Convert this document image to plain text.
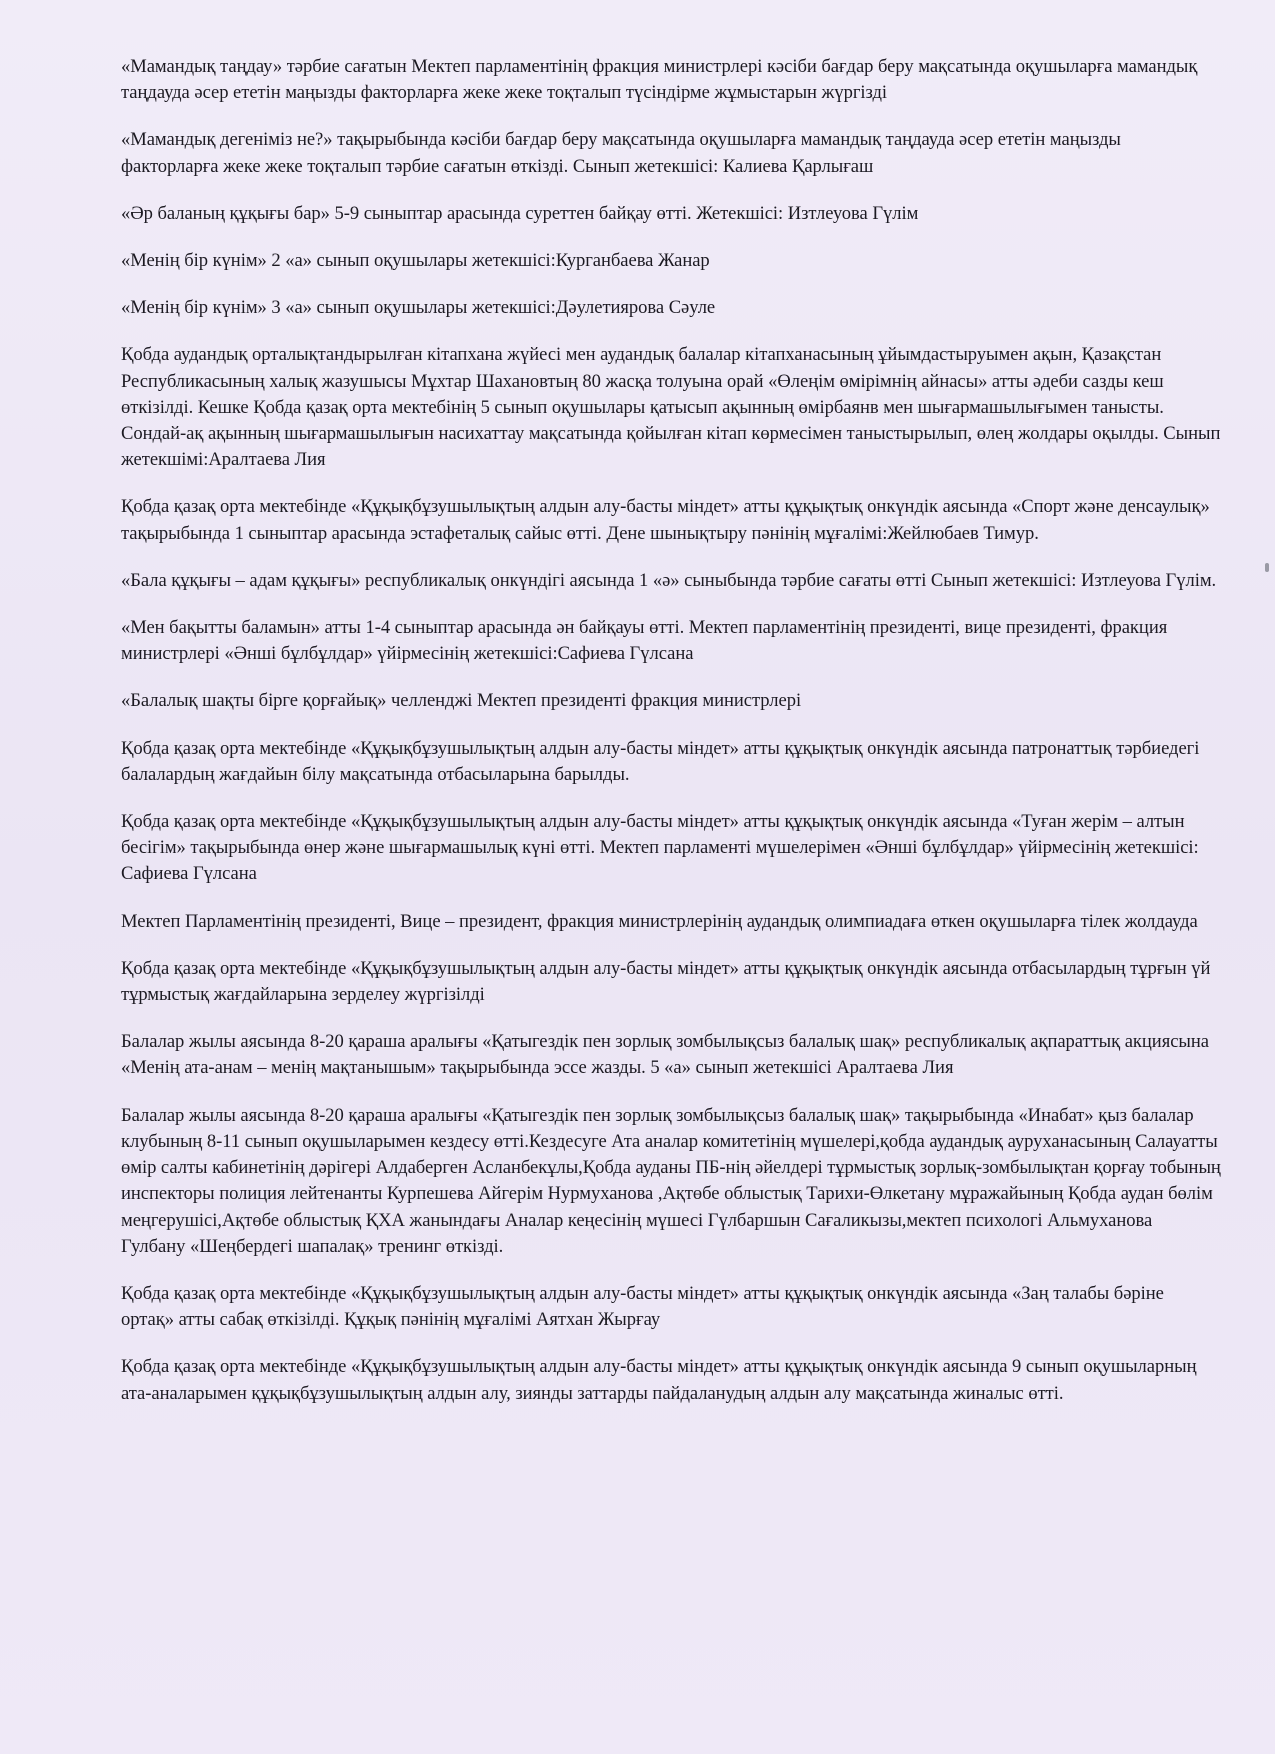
«Мамандық таңдау» тәрбие сағатын Мектеп парламентінің фракция министрлері кәсіби бағдар беру мақсатында оқушыларға мамандық таңдауда әсер ететін маңызды факторларға жеке жеке тоқталып түсіндірме жұмыстарын жүргізді

«Мамандық дегеніміз не?» тақырыбында кәсіби бағдар беру мақсатында оқушыларға мамандық таңдауда әсер ететін маңызды факторларға жеке жеке тоқталып тәрбие сағатын өткізді. Сынып жетекшісі: Калиева Қарлығаш

«Әр баланың құқығы бар» 5-9 сыныптар арасында суреттен байқау өтті. Жетекшісі: Изтлеуова Гүлім

«Менің бір күнім» 2 «а» сынып оқушылары жетекшісі:Курганбаева Жанар

«Менің бір күнім» 3 «а» сынып оқушылары жетекшісі:Дәулетиярова Сәуле

Қобда аудандық орталықтандырылған кітапхана жүйесі мен аудандық балалар кітапханасының ұйымдастыруымен ақын, Қазақстан Республикасының халық жазушысы Мұхтар Шахановтың 80 жасқа толуына орай «Өлеңім өмірімнің айнасы» атты әдеби сазды кеш өткізілді. Кешке Қобда қазақ орта мектебінің 5 сынып оқушылары қатысып ақынның өмірбаянв мен шығармашылығымен танысты. Сондай-ақ ақынның шығармашылығын насихаттау мақсатында қойылған кітап көрмесімен таныстырылып, өлең жолдары оқылды. Сынып жетекшімі:Аралтаева Лия

Қобда қазақ орта мектебінде «Құқықбұзушылықтың алдын алу-басты міндет» атты құқықтық онкүндік аясында «Спорт және денсаулық» тақырыбында 1 сыныптар арасында эстафеталық сайыс өтті. Дене шынықтыру пәнінің мұғалімі:Жейлюбаев Тимур.

«Бала құқығы – адам құқығы» республикалық онкүндігі аясында 1 «ә» сыныбында тәрбие сағаты өтті Сынып жетекшісі: Изтлеуова Гүлім.

«Мен бақытты баламын» атты 1-4 сыныптар арасында ән байқауы өтті. Мектеп парламентінің президенті, вице президенті, фракция министрлері «Әнші бұлбұлдар» үйірмесінің жетекшісі:Сафиева Гүлсана

«Балалық шақты бірге қорғайық» челленджі Мектеп президенті фракция министрлері

Қобда қазақ орта мектебінде «Құқықбұзушылықтың алдын алу-басты міндет» атты құқықтық онкүндік аясында патронаттық тәрбиедегі балалардың жағдайын білу мақсатында отбасыларына барылды.

Қобда қазақ орта мектебінде «Құқықбұзушылықтың алдын алу-басты міндет» атты құқықтық онкүндік аясында «Туған жерім – алтын бесігім» тақырыбында өнер және шығармашылық күні өтті. Мектеп парламенті мүшелерімен «Әнші бұлбұлдар» үйірмесінің жетекшісі: Сафиева Гүлсана

Мектеп Парламентінің президенті, Вице – президент, фракция министрлерінің аудандық олимпиадаға өткен оқушыларға тілек жолдауда

Қобда қазақ орта мектебінде «Құқықбұзушылықтың алдын алу-басты міндет» атты құқықтық онкүндік аясында отбасылардың тұрғын үй тұрмыстық жағдайларына зерделеу жүргізілді

Балалар жылы аясында 8-20 қараша аралығы «Қатыгездік пен зорлық зомбылықсыз балалық шақ» республикалық ақпараттық акциясына «Менің ата-анам – менің мақтанышым» тақырыбында эссе жазды. 5 «а» сынып жетекшісі Аралтаева Лия

Балалар жылы аясында 8-20 қараша аралығы «Қатыгездік пен зорлық зомбылықсыз балалық шақ» тақырыбында «Инабат» қыз балалар клубының 8-11 сынып оқушыларымен кездесу өтті.Кездесуге Ата аналар комитетінің мүшелері,қобда аудандық ауруханасының Салауатты өмір салты кабинетінің дәрігері Алдаберген Асланбекұлы,Қобда ауданы ПБ-нің әйелдері тұрмыстық зорлық-зомбылықтан қорғау тобының инспекторы полиция лейтенанты Курпешева Айгерім Нурмуханова ,Ақтөбе облыстық Тарихи-Өлкетану мұражайының Қобда аудан бөлім меңгерушісі,Ақтөбе облыстық ҚХА жанындағы Аналар кеңесінің мүшесі Гүлбаршын Сағаликызы,мектеп психологі Альмуханова Гулбану «Шеңбердегі шапалақ» тренинг өткізді.

Қобда қазақ орта мектебінде «Құқықбұзушылықтың алдын алу-басты міндет» атты құқықтық онкүндік аясында «Заң талабы бәріне ортақ» атты сабақ өткізілді. Құқық пәнінің мұғалімі Аятхан Жырғау

Қобда қазақ орта мектебінде «Құқықбұзушылықтың алдын алу-басты міндет» атты құқықтық онкүндік аясында 9 сынып оқушыларның ата-аналарымен құқықбұзушылықтың алдын алу, зиянды заттарды пайдаланудың алдын алу мақсатында жиналыс өтті.
